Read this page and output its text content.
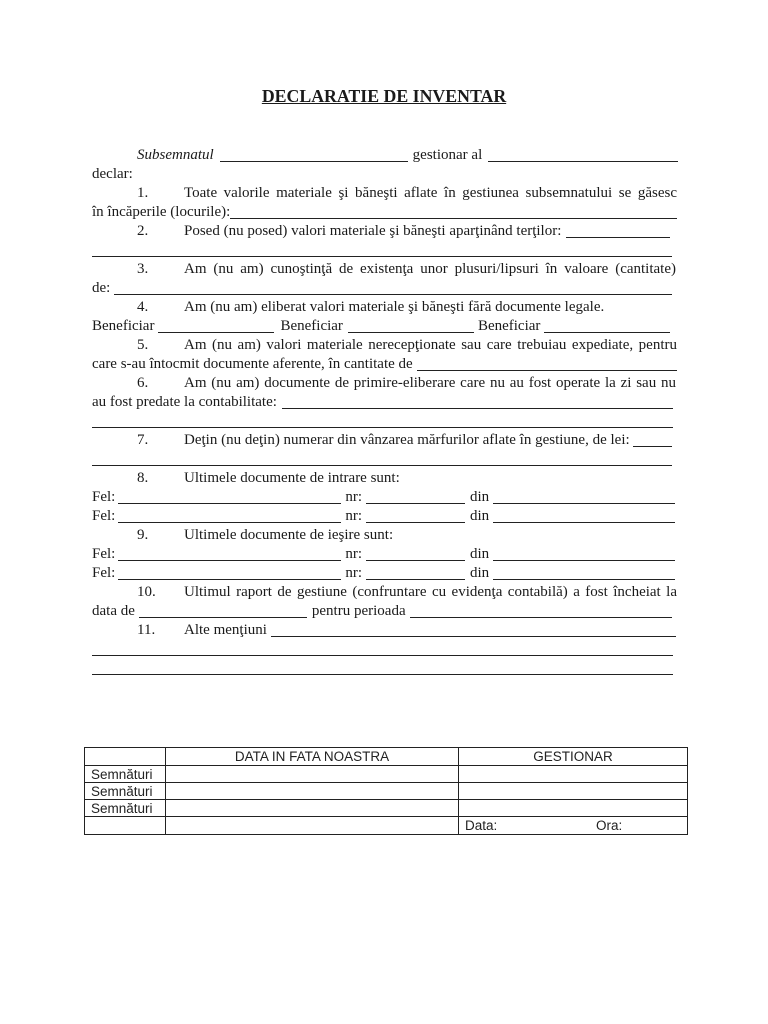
DECLARATIE DE INVENTAR
Subsemnatul	gestionar al
declar:
1.	Toate valorile materiale şi băneşti aflate în gestiunea subsemnatului se găsesc
în încăperile (locurile):
2.	Posed (nu posed) valori materiale şi băneşti aparţinând terţilor:
3.	Am (nu am) cunoştinţă de existenţa unor plusuri/lipsuri în valoare (cantitate)
de:
4.	Am (nu am) eliberat valori materiale şi băneşti fără documente legale.
Beneficiar	Beneficiar	Beneficiar
5.	Am (nu am) valori materiale nerecepţionate sau care trebuiau expediate, pentru
care s-au întocmit documente aferente, în cantitate de
6.	Am (nu am) documente de primire-eliberare care nu au fost operate la zi sau nu
au fost predate la contabilitate:
7.	Deţin (nu deţin) numerar din vânzarea mărfurilor aflate în gestiune, de lei:
8.	Ultimele documente de intrare sunt:
Fel:	nr:	din
Fel:	nr:	din
9.	Ultimele documente de ieşire sunt:
Fel:	nr:	din
Fel:	nr:	din
10.	Ultimul raport de gestiune (confruntare cu evidenţa contabilă) a fost încheiat la
data de	pentru perioada
11.	Alte menţiuni
	DATA IN FATA NOASTRA	GESTIONAR
Semnături		
Semnături		
Semnături		
		Data: Ora:
